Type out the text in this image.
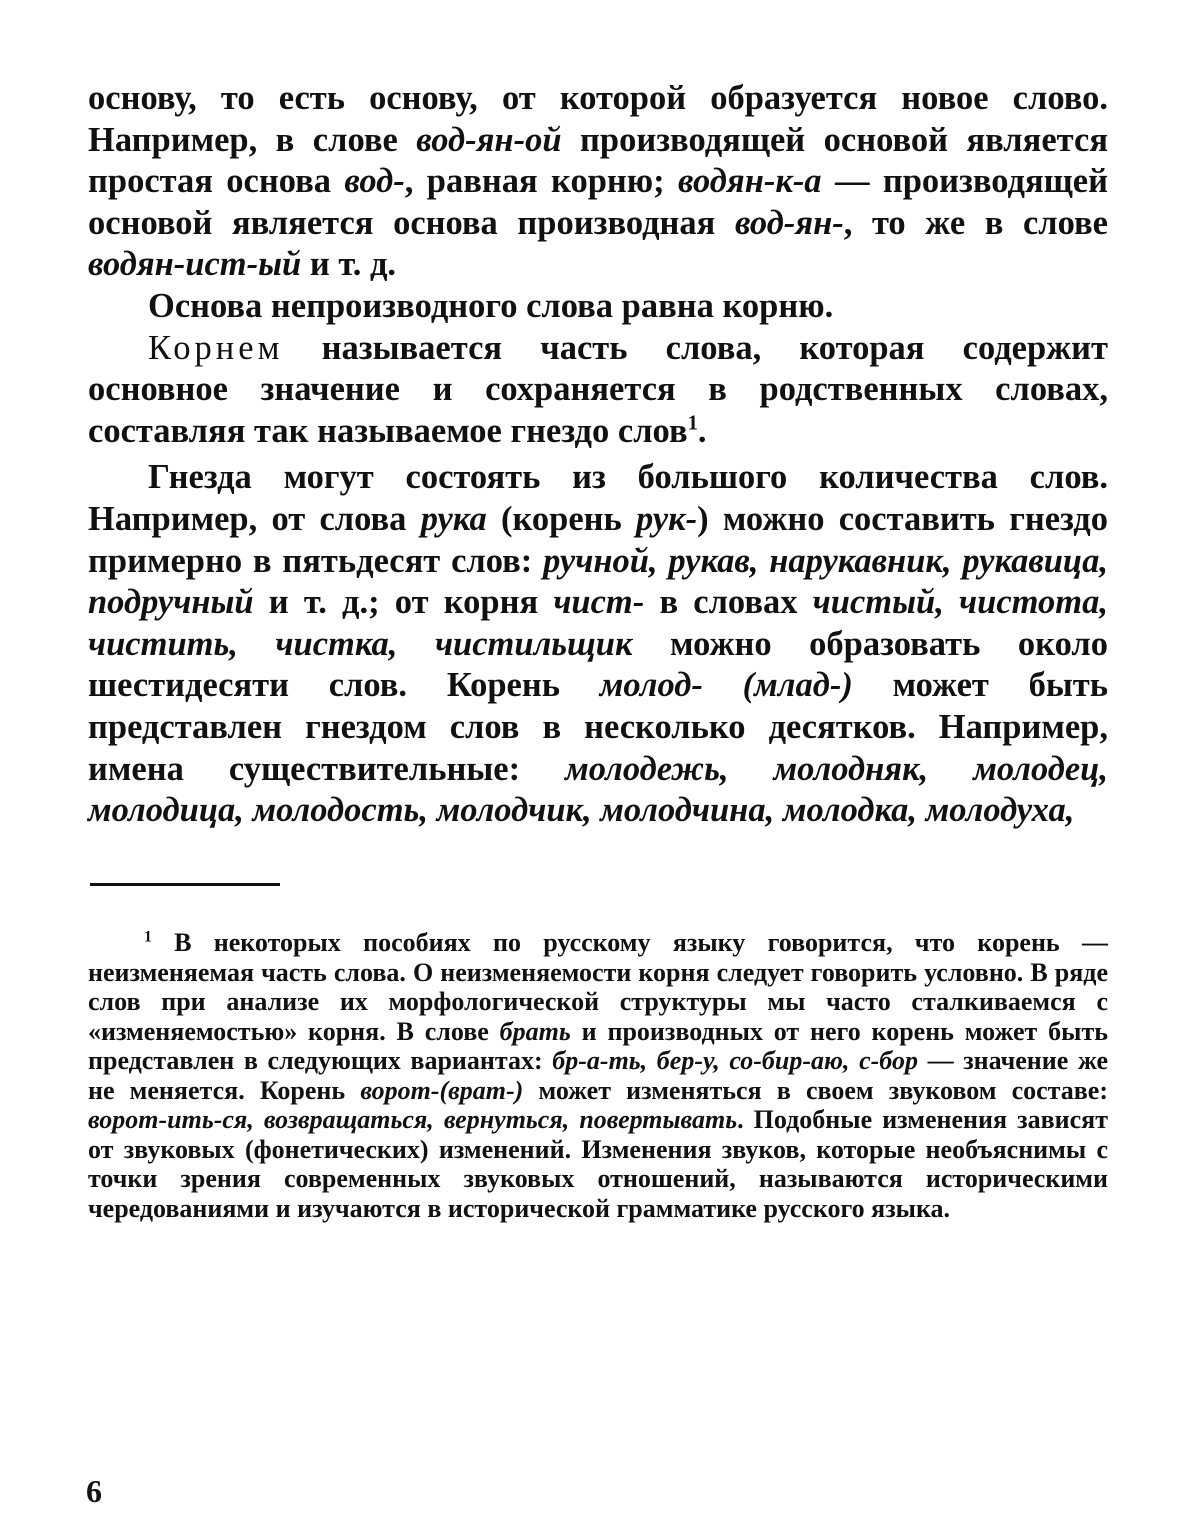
основу, то есть основу, от которой образуется новое слово. Например, в слове вод-ян-ой производящей основой является простая основа вод-, равная корню; водян-к-а — производящей основой является основа производная вод-ян-, то же в слове водян-ист-ый и т. д.

Основа непроизводного слова равна корню.

Корнем называется часть слова, которая содержит основное значение и сохраняется в родственных словах, составляя так называемое гнездо слов$^1$.

Гнезда могут состоять из большого количества слов. Например, от слова рука (корень рук-) можно составить гнездо примерно в пятьдесят слов: ручной, рукав, нарукавник, рукавица, подручный и т. д.; от корня чист- в словах чистый, чистота, чистить, чистка, чистильщик можно образовать около шестидесяти слов. Корень молод- (млад-) может быть представлен гнездом слов в несколько десятков. Например, имена существительные: молодежь, молодняк, молодец, молодица, молодость, молодчик, молодчина, молодка, молодуха,

$^1$ В некоторых пособиях по русскому языку говорится, что корень — неизменяемая часть слова. О неизменяемости корня следует говорить условно. В ряде слов при анализе их морфологической структуры мы часто сталкиваемся с «изменяемостью» корня. В слове брать и производных от него корень может быть представлен в следующих вариантах: бр-а-ть, бер-у, со-бир-аю, с-бор — значение же не меняется. Корень ворот-(врат-) может изменяться в своем звуковом составе: ворот-ить-ся, возвращаться, вернуться, повертывать. Подобные изменения зависят от звуковых (фонетических) изменений. Изменения звуков, которые необъяснимы с точки зрения современных звуковых отношений, называются историческими чередованиями и изучаются в исторической грамматике русского языка.

6
